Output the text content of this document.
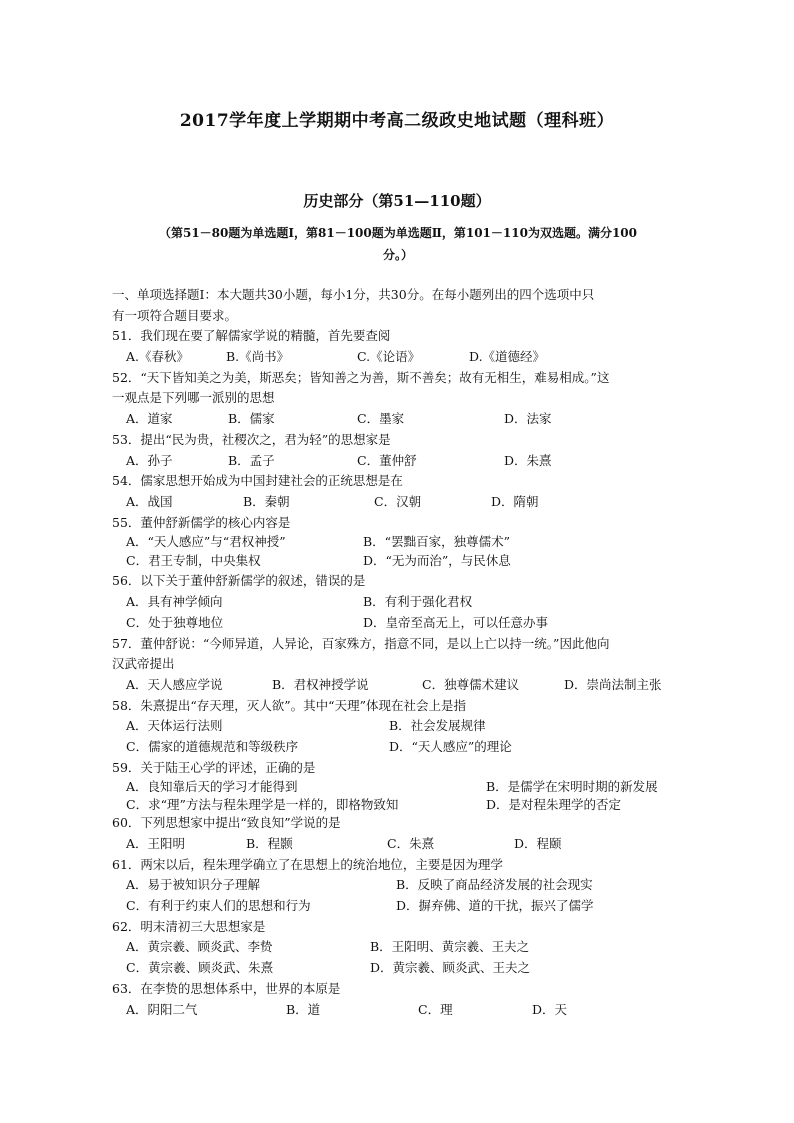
2017学年度上学期期中考高二级政史地试题（理科班）
历史部分（第51—110题）
（第51－80题为单选题Ⅰ，第81－100题为单选题Ⅱ，第101－110为双选题。满分100
分。）
一、单项选择题Ⅰ：本大题共30小题，每小1分，共30分。在每小题列出的四个选项中只
有一项符合题目要求。
51．我们现在要了解儒家学说的精髓，首先要查阅
A.《春秋》	B.《尚书》	C.《论语》	D.《道德经》
52．“天下皆知美之为美，斯恶矣；皆知善之为善，斯不善矣；故有无相生，难易相成。”这
一观点是下列哪一派别的思想
A．道家	B．儒家	C．墨家	D．法家
53．提出“民为贵，社稷次之，君为轻”的思想家是
A．孙子	B．孟子	C．董仲舒	D．朱熹
54．儒家思想开始成为中国封建社会的正统思想是在
A．战国	B．秦朝	C．汉朝	D．隋朝
55．董仲舒新儒学的核心内容是
A．“天人感应”与“君权神授”	B．“罢黜百家，独尊儒术”
C．君王专制，中央集权	D．“无为而治”，与民休息
56．以下关于董仲舒新儒学的叙述，错误的是
A．具有神学倾向	B．有利于强化君权
C．处于独尊地位	D．皇帝至高无上，可以任意办事
57．董仲舒说：“今师异道，人异论，百家殊方，指意不同，是以上亡以持一统。”因此他向
汉武帝提出
A．天人感应学说	B．君权神授学说	C．独尊儒术建议	D．崇尚法制主张
58．朱熹提出“存天理，灭人欲”。其中“天理”体现在社会上是指
A．天体运行法则	B．社会发展规律
C．儒家的道德规范和等级秩序	D．“天人感应”的理论
59．关于陆王心学的评述，正确的是
A．良知靠后天的学习才能得到	B．是儒学在宋明时期的新发展
C．求“理”方法与程朱理学是一样的，即格物致知	D．是对程朱理学的否定
60．下列思想家中提出“致良知”学说的是
A．王阳明	B．程颢	C．朱熹	D．程颐
61．两宋以后，程朱理学确立了在思想上的统治地位，主要是因为理学
A．易于被知识分子理解	B．反映了商品经济发展的社会现实
C．有利于约束人们的思想和行为	D．摒弃佛、道的干扰，振兴了儒学
62．明末清初三大思想家是
A．黄宗羲、顾炎武、李贽	B．王阳明、黄宗羲、王夫之
C．黄宗羲、顾炎武、朱熹	D．黄宗羲、顾炎武、王夫之
63．在李贽的思想体系中，世界的本原是
A．阴阳二气	B．道	C．理	D．天
